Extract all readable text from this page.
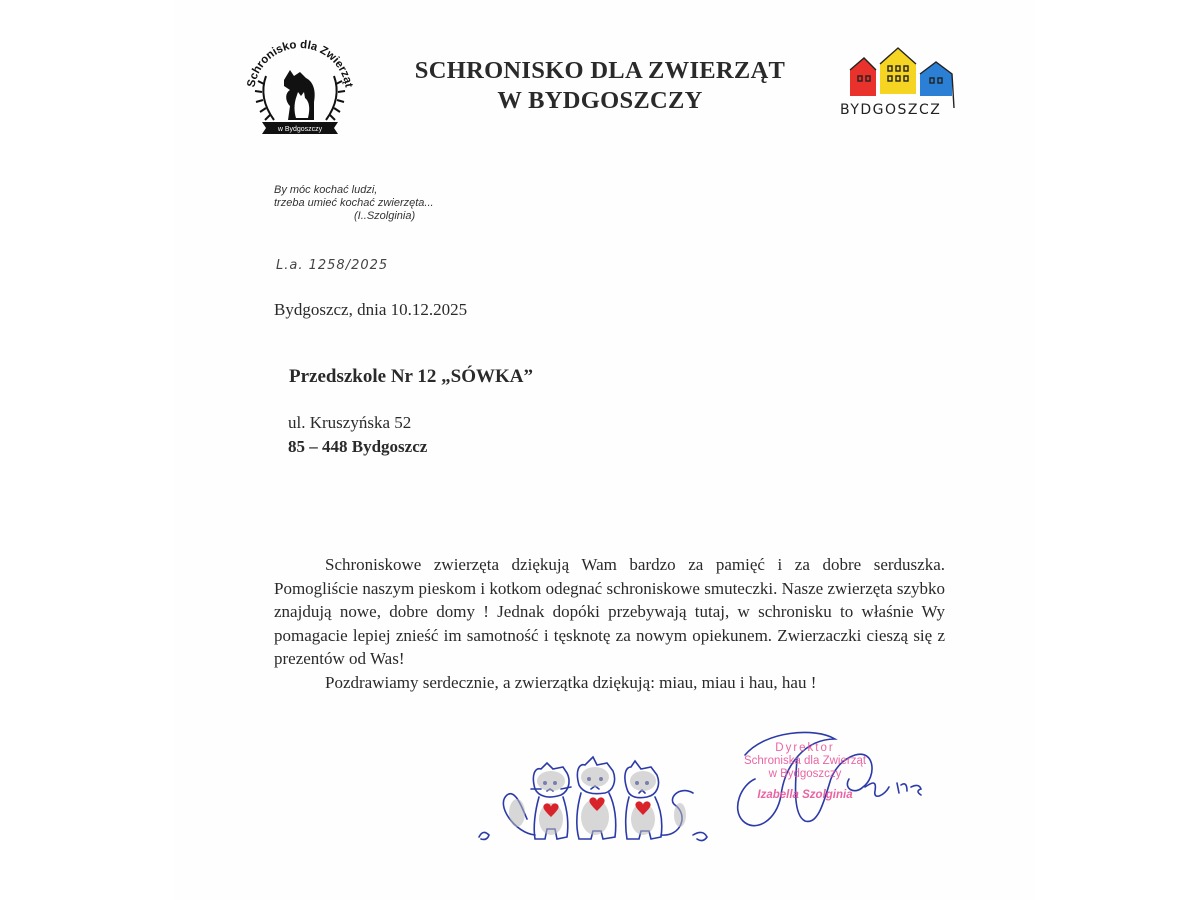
Schronisko dla Zwierząt
w Bydgoszczy
SCHRONISKO DLA ZWIERZĄT
W BYDGOSZCZY	BYDGOSZCZ
By móc kochać ludzi,
trzeba umieć kochać zwierzęta...
(I..Szolginia)
L.a. 1258/2025
Bydgoszcz, dnia 10.12.2025
Przedszkole Nr 12 „SÓWKA”
ul. Kruszyńska 52
85 – 448 Bydgoszcz

Schroniskowe zwierzęta dziękują Wam bardzo za pamięć i za dobre serduszka. Pomogliście naszym pieskom i kotkom odegnać schroniskowe smuteczki. Nasze zwierzęta szybko znajdują nowe, dobre domy ! Jednak dopóki przebywają tutaj, w schronisku to właśnie Wy pomagacie lepiej znieść im samotność i tęsknotę za nowym opiekunem. Zwierzaczki cieszą się z prezentów od Was!

Pozdrawiamy serdecznie, a zwierzątka dziękują: miau, miau i hau, hau !

Dyrektor
Schroniska dla Zwierząt
w Bydgoszczy
Izabella Szolginia
